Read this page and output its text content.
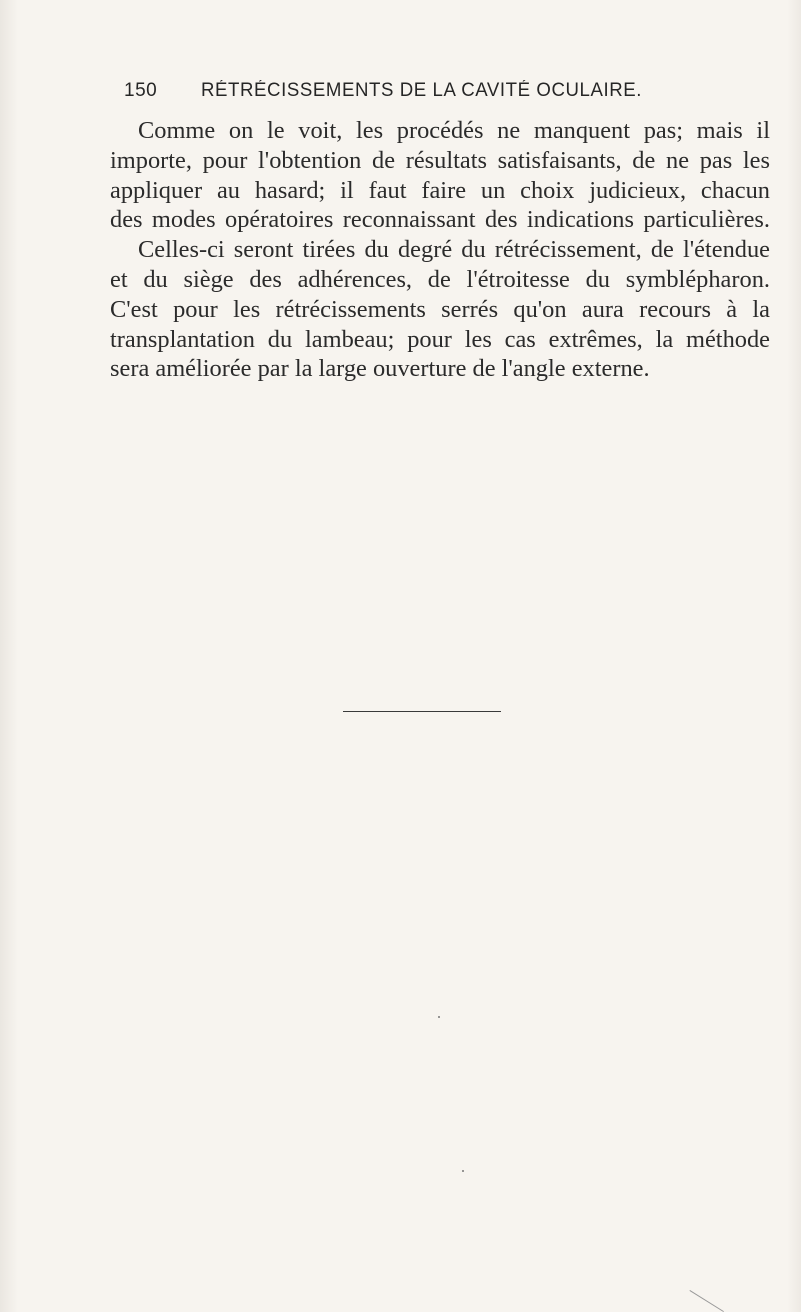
150 RÉTRÉCISSEMENTS DE LA CAVITÉ OCULAIRE.
Comme on le voit, les procédés ne manquent pas; mais il
importe, pour l'obtention de résultats satisfaisants, de ne pas les
appliquer au hasard; il faut faire un choix judicieux, chacun
des modes opératoires reconnaissant des indications particulières.
Celles-ci seront tirées du degré du rétrécissement, de l'étendue
et du siège des adhérences, de l'étroitesse du symblépharon.
C'est pour les rétrécissements serrés qu'on aura recours à la
transplantation du lambeau; pour les cas extrêmes, la méthode
sera améliorée par la large ouverture de l'angle externe.
